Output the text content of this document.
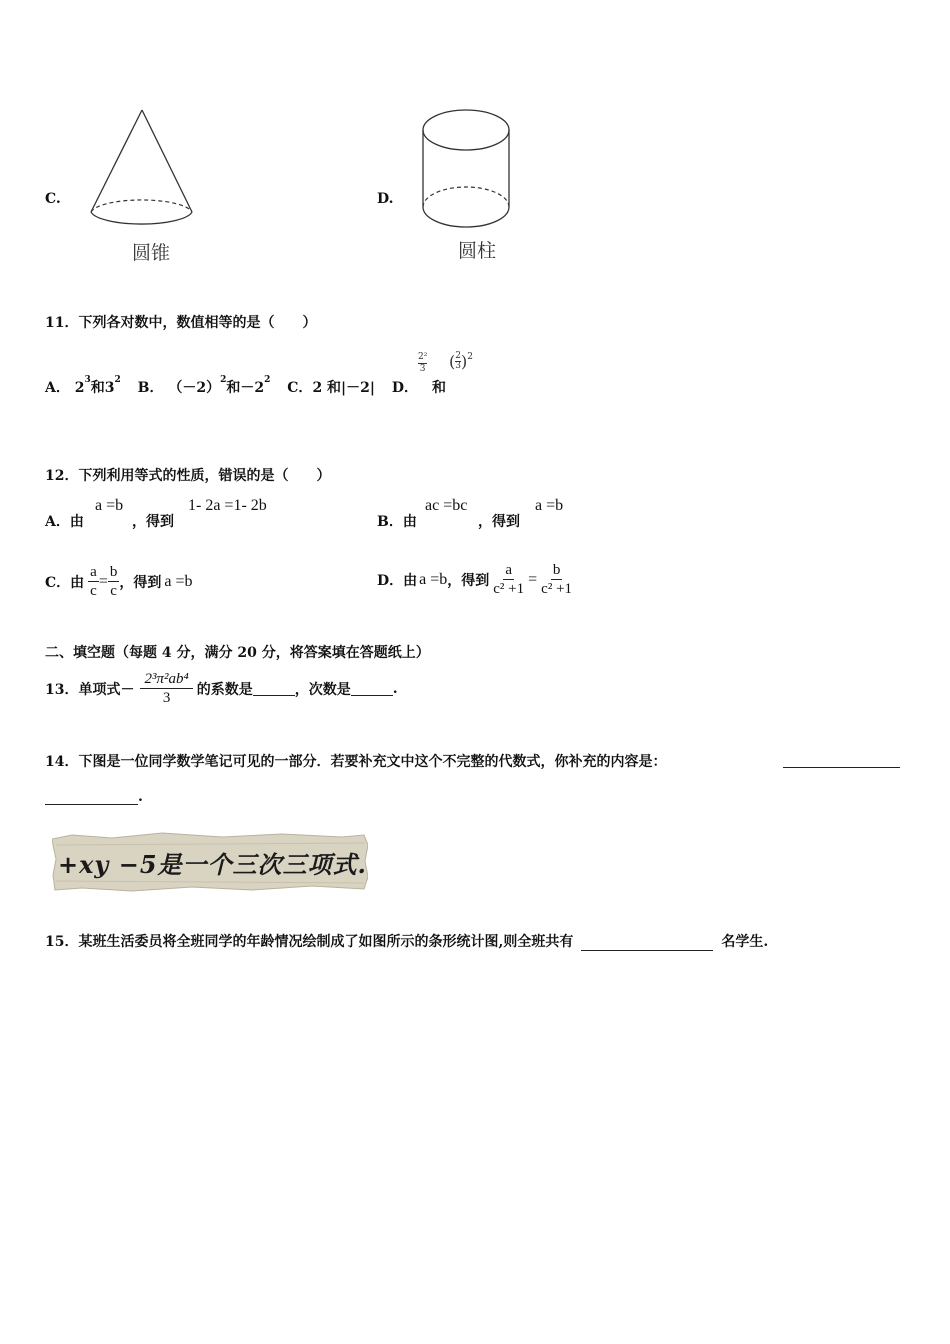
C.
圆锥
D.
圆柱
11．下列各对数中，数值相等的是（　　）
A． $2^3$和$3^2$ B． $(-2)^2$和$-2^2$ C．2 和|－2| D．
$\frac{\text{2²}}{3}$
和
( $\frac{2}{3}$ ) 2
12．下列利用等式的性质，错误的是（　　）
A．由
a =b
，得到
1- 2a =1- 2b
B．由
ac =bc
，得到
a =b
C．由 $\frac{a}{c} = \frac{b}{c}$ ，得到 a =b	D．由 a =b ，得到 $\frac{a}{\text{c² +1}} = \frac{b}{\text{c² +1}}$
二、填空题（每题 4 分，满分 20 分，将答案填在答题纸上）
13．单项式－ $\frac{\text{2³π²ab⁴}}{3}$ 的系数是	，次数是	.
14．下图是一位同学数学笔记可见的一部分．若要补充文中这个不完整的代数式，你补充的内容是：
.
+xy −5是一个三次三项式.
15．某班生活委员将全班同学的年龄情况绘制成了如图所示的条形统计图,则全班共有	名学生.
